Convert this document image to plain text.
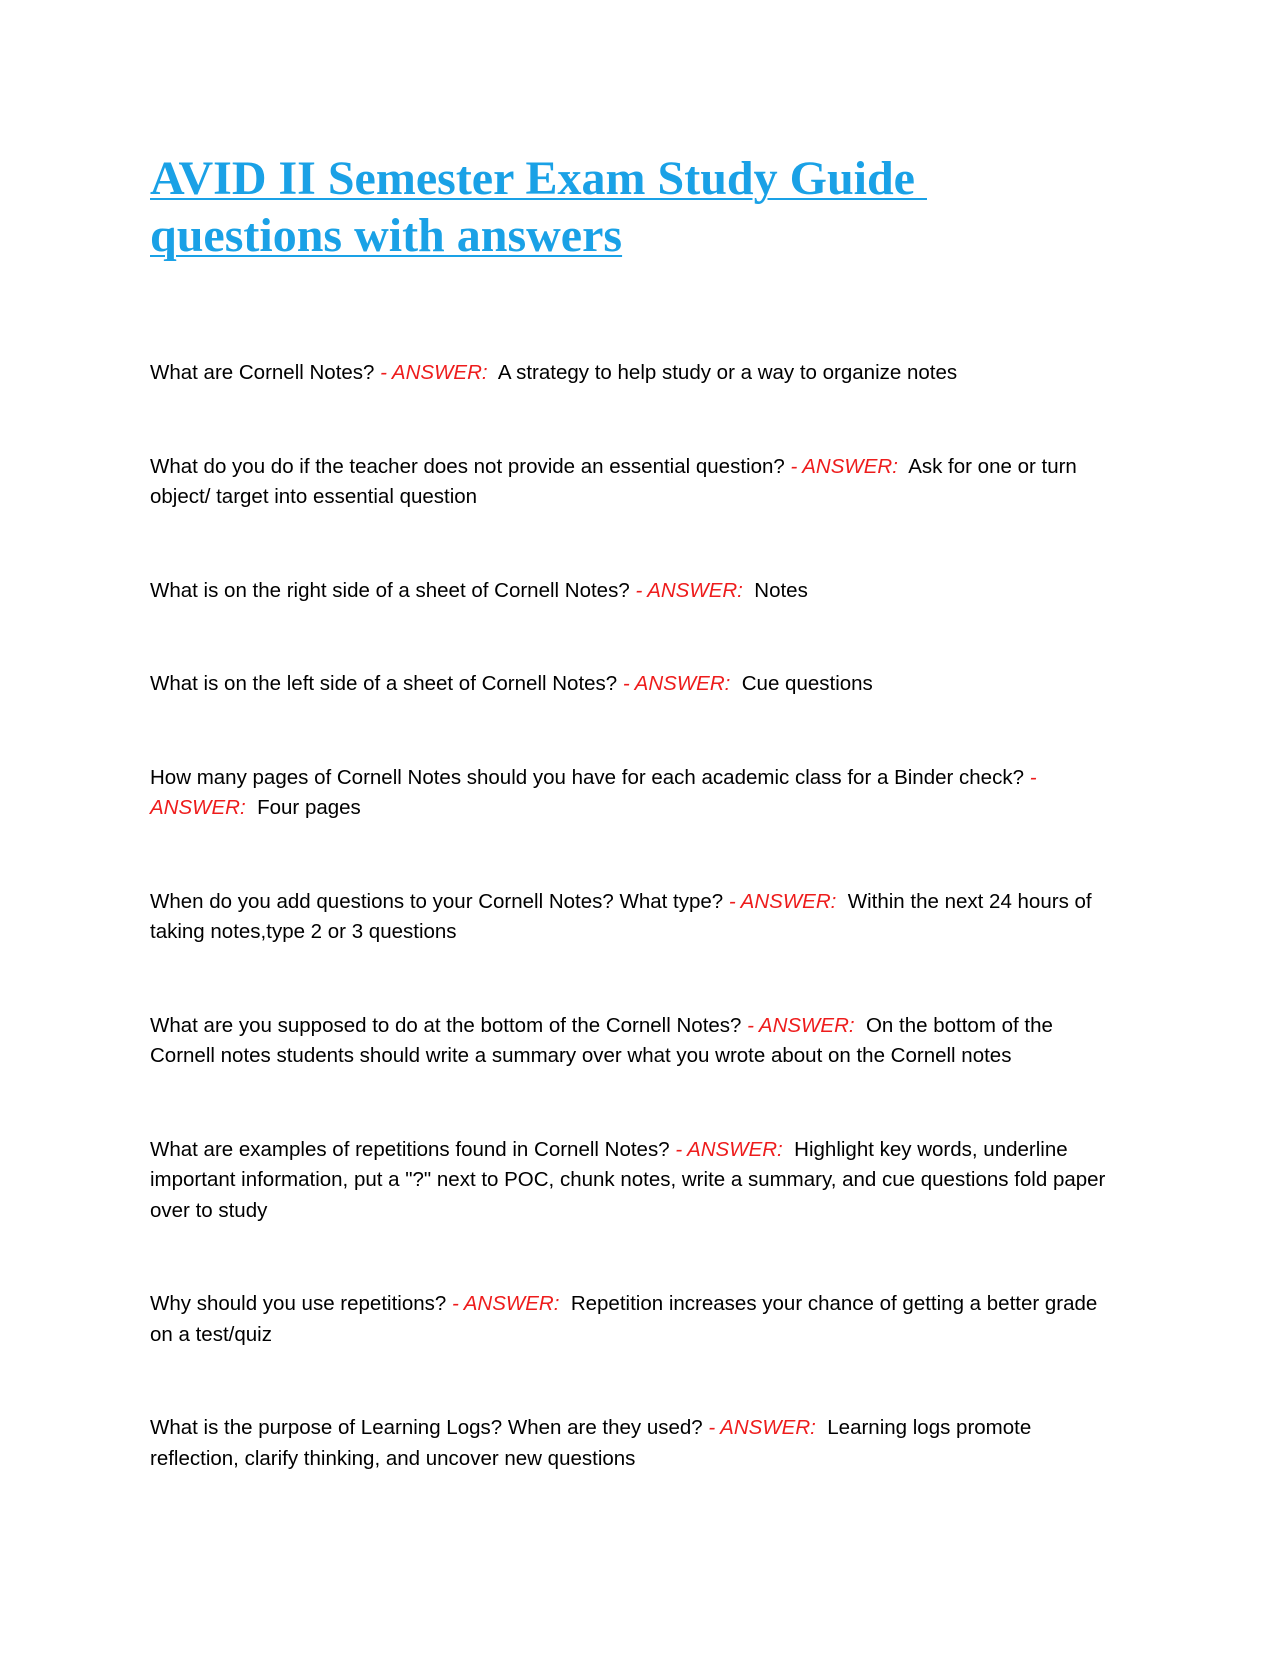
AVID II Semester Exam Study Guide
questions with answers

What are Cornell Notes? - ANSWER: A strategy to help study or a way to organize notes

What do you do if the teacher does not provide an essential question? - ANSWER: Ask for one or turn object/ target into essential question

What is on the right side of a sheet of Cornell Notes? - ANSWER: Notes

What is on the left side of a sheet of Cornell Notes? - ANSWER: Cue questions

How many pages of Cornell Notes should you have for each academic class for a Binder check? - ANSWER: Four pages

When do you add questions to your Cornell Notes? What type? - ANSWER: Within the next 24 hours of taking notes,type 2 or 3 questions

What are you supposed to do at the bottom of the Cornell Notes? - ANSWER: On the bottom of the Cornell notes students should write a summary over what you wrote about on the Cornell notes

What are examples of repetitions found in Cornell Notes? - ANSWER: Highlight key words, underline important information, put a "?" next to POC, chunk notes, write a summary, and cue questions fold paper over to study

Why should you use repetitions? - ANSWER: Repetition increases your chance of getting a better grade on a test/quiz

What is the purpose of Learning Logs? When are they used? - ANSWER: Learning logs promote reflection, clarify thinking, and uncover new questions
